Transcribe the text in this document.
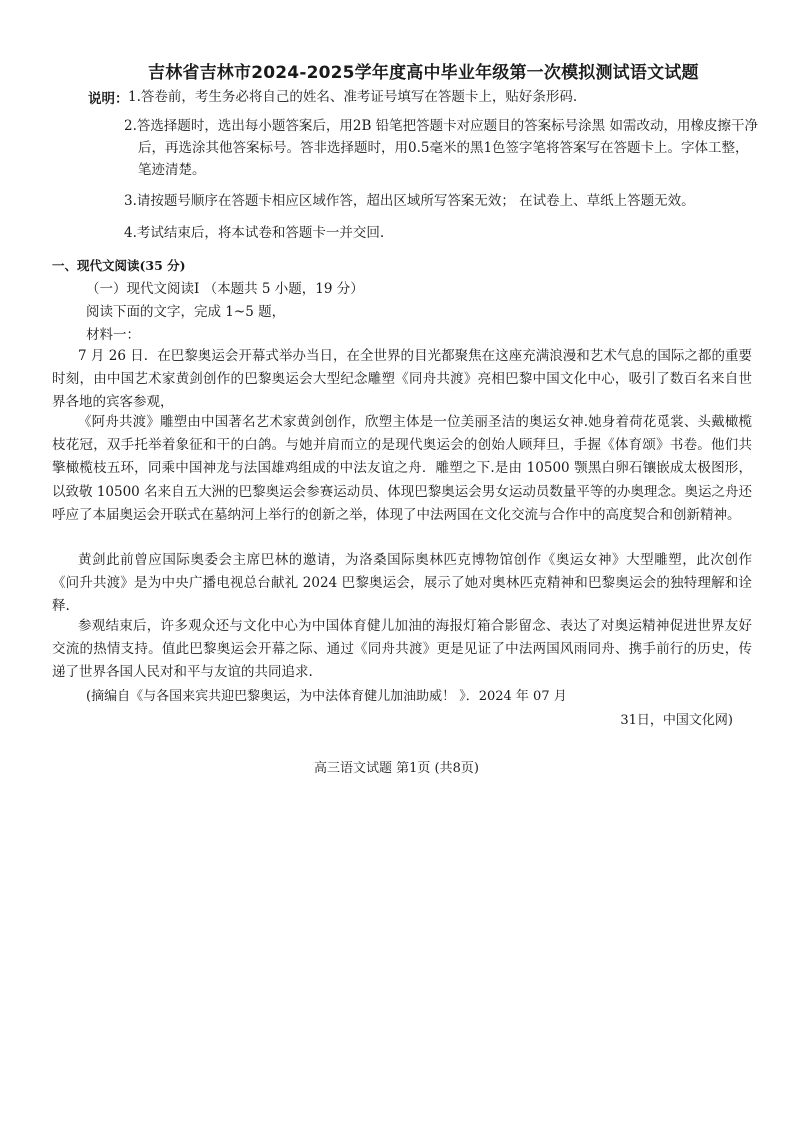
吉林省吉林市2024-2025学年度高中毕业年级第一次模拟测试语文试题
说明： 1.答卷前，考生务必将自己的姓名、准考证号填写在答题卡上，贴好条形码.
2.答选择题时，选出每小题答案后，用2B 铅笔把答题卡对应题目的答案标号涂黑 如需改动，用橡皮擦干净后，再选涂其他答案标号。答非选择题时，用0.5毫米的黑1色签字笔将答案写在答题卡上。字体工整，笔迹清楚。
3.请按题号顺序在答题卡相应区域作答，超出区域所写答案无效； 在试卷上、草纸上答题无效。
4.考试结束后，将本试卷和答题卡一并交回.
一、现代文阅读(35 分)
（一）现代文阅读Ⅰ （本题共 5 小题，19 分）
阅读下面的文字，完成 1~5 题，
材料一：
7 月 26 日．在巴黎奥运会开幕式举办当日，在全世界的目光都聚焦在这座充满浪漫和艺术气息的国际之都的重要时刻，由中国艺术家黄剑创作的巴黎奥运会大型纪念雕塑《同舟共渡》亮相巴黎中国文化中心，吸引了数百名来自世界各地的宾客参观，
《阿舟共渡》雕塑由中国著名艺术家黄剑创作，欣塑主体是一位美丽圣洁的奥运女神.她身着荷花觅裳、头戴橄榄枝花冠，双手托举着象征和干的白鸽。与她并肩而立的是现代奥运会的创始人顾拜旦，手握《体育颂》书卷。他们共擎橄榄枝五环，同乘中国神龙与法国雄鸡组成的中法友谊之舟．雕塑之下.是由 10500 颚黑白卵石镶嵌成太极图形，以致敬 10500 名来自五大洲的巴黎奥运会参赛运动员、体现巴黎奥运会男女运动员数量平等的办奥理念。奥运之舟还呼应了本届奥运会开联式在墓纳河上举行的创新之举，体现了中法两国在文化交流与合作中的高度契合和创新精神。
黄剑此前曾应国际奥委会主席巴林的邀请，为洛桑国际奥林匹克博物馆创作《奥运女神》大型雕塑，此次创作《问升共渡》是为中央广播电视总台献礼 2024 巴黎奥运会，展示了她对奥林匹克精神和巴黎奥运会的独特理解和诠释.
参观结束后，许多观众还与文化中心为中国体育健儿加油的海报灯箱合影留念、表达了对奥运精神促进世界友好交流的热情支持。值此巴黎奥运会开幕之际、通过《同舟共渡》更是见证了中法两国风雨同舟、携手前行的历史，传递了世界各国人民对和平与友谊的共同追求.
(摘编自《与各国来宾共迎巴黎奥运，为中法体育健儿加油助威！ 》．2024 年 07 月
31日，中国文化网)
高三语文试题 第1页 (共8页)
